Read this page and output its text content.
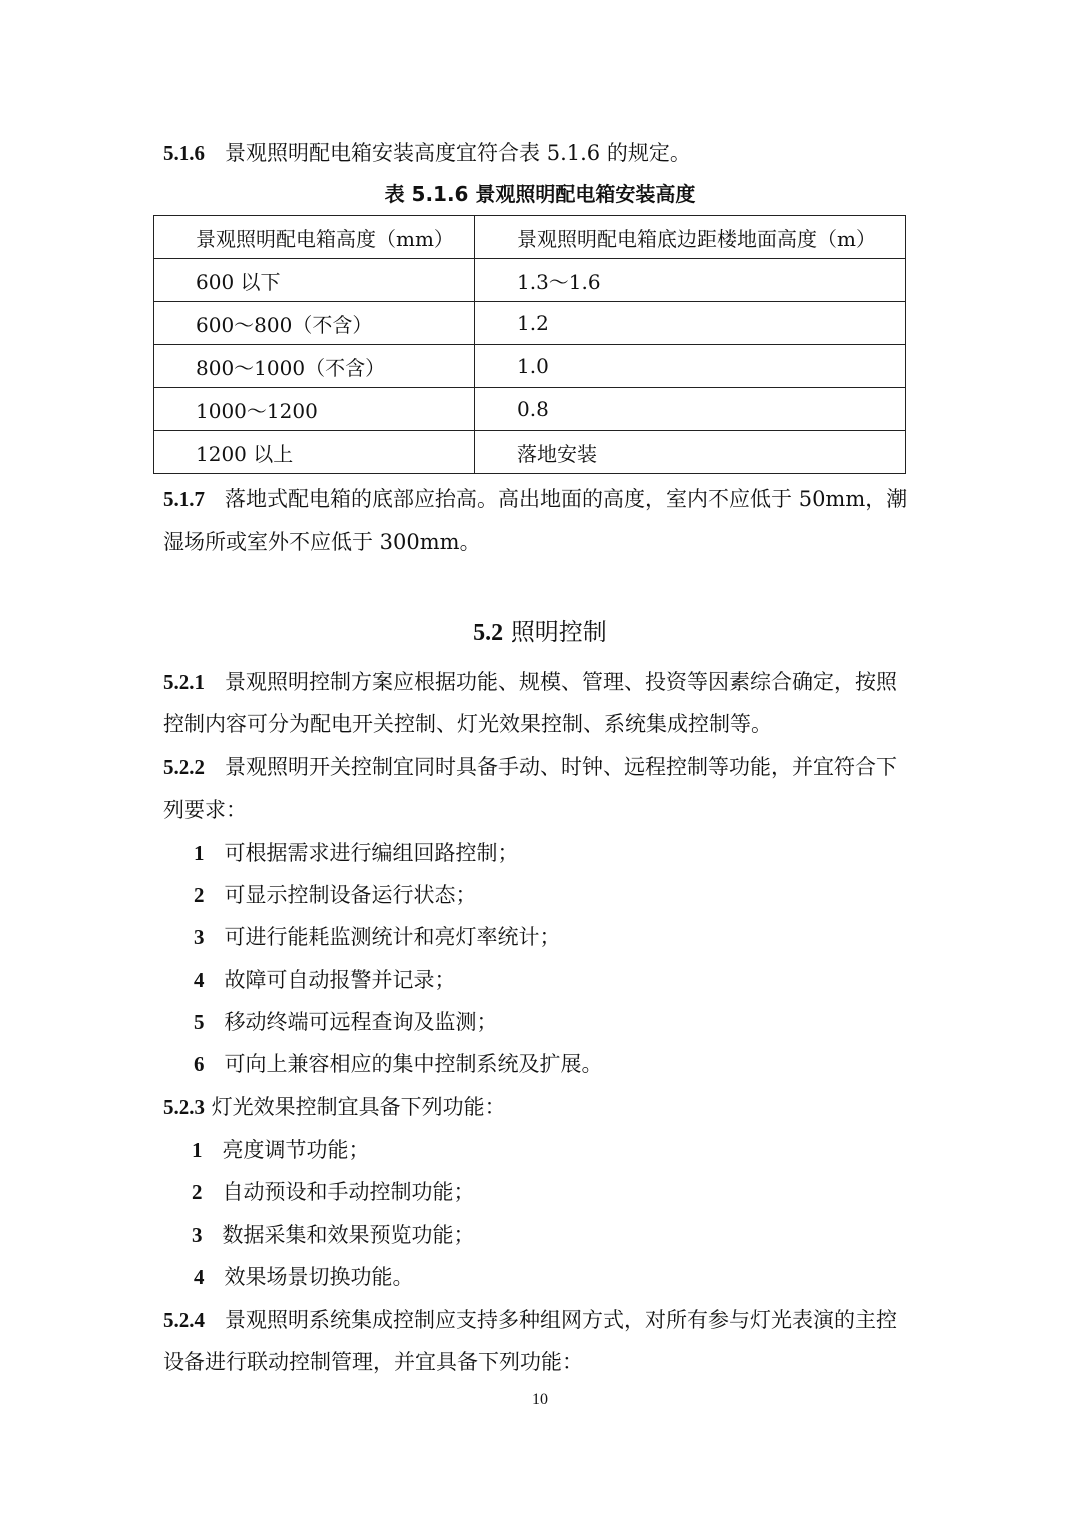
5.1.6 景观照明配电箱安装高度宜符合表 5.1.6 的规定。
表 5.1.6 景观照明配电箱安装高度
景观照明配电箱高度（mm）	景观照明配电箱底边距楼地面高度（m）
600 以下	1.3～1.6
600～800（不含）	1.2
800～1000（不含）	1.0
1000～1200	0.8
1200 以上	落地安装
5.1.7 落地式配电箱的底部应抬高。高出地面的高度，室内不应低于 50mm，潮
湿场所或室外不应低于 300mm。
5.2 照明控制
5.2.1 景观照明控制方案应根据功能、规模、管理、投资等因素综合确定，按照
控制内容可分为配电开关控制、灯光效果控制、系统集成控制等。
5.2.2 景观照明开关控制宜同时具备手动、时钟、远程控制等功能，并宜符合下
列要求：
1 可根据需求进行编组回路控制；
2 可显示控制设备运行状态；
3 可进行能耗监测统计和亮灯率统计；
4 故障可自动报警并记录；
5 移动终端可远程查询及监测；
6 可向上兼容相应的集中控制系统及扩展。
5.2.3 灯光效果控制宜具备下列功能：
1 亮度调节功能；
2 自动预设和手动控制功能；
3 数据采集和效果预览功能；
4 效果场景切换功能。
5.2.4 景观照明系统集成控制应支持多种组网方式，对所有参与灯光表演的主控
设备进行联动控制管理，并宜具备下列功能：
10
